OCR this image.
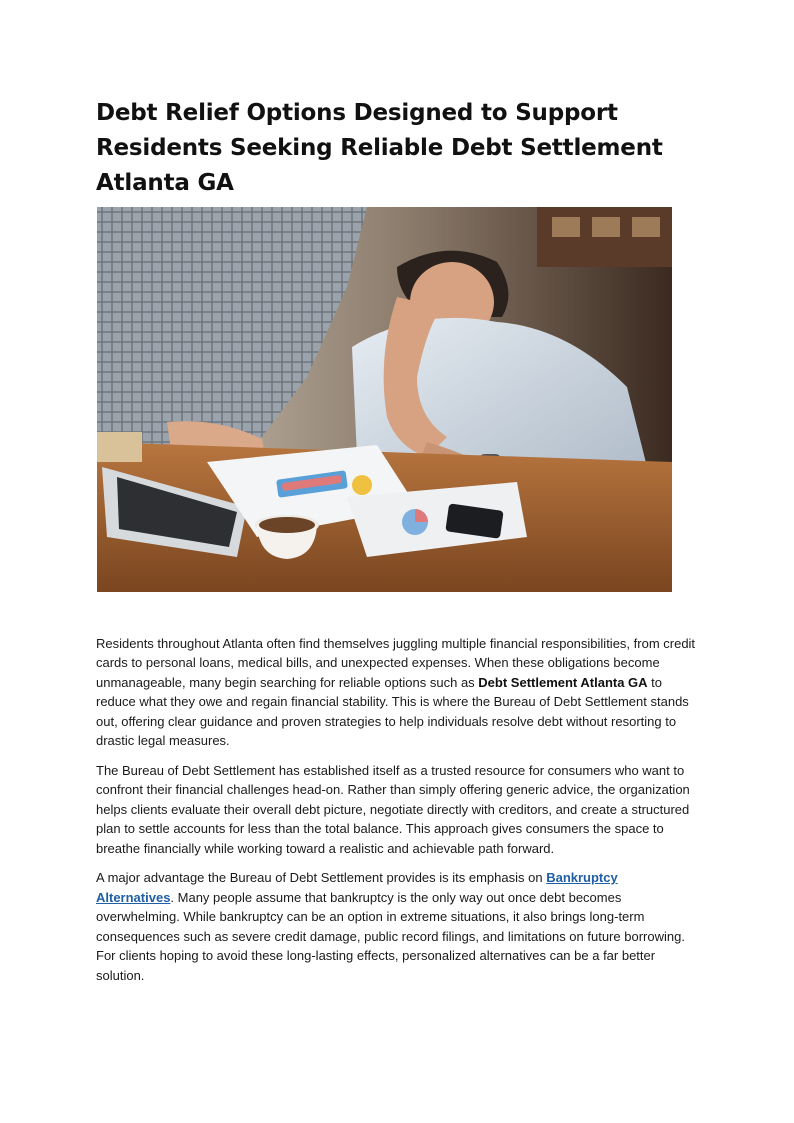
Debt Relief Options Designed to Support Residents Seeking Reliable Debt Settlement Atlanta GA

Residents throughout Atlanta often find themselves juggling multiple financial responsibilities, from credit cards to personal loans, medical bills, and unexpected expenses. When these obligations become unmanageable, many begin searching for reliable options such as Debt Settlement Atlanta GA to reduce what they owe and regain financial stability. This is where the Bureau of Debt Settlement stands out, offering clear guidance and proven strategies to help individuals resolve debt without resorting to drastic legal measures.

The Bureau of Debt Settlement has established itself as a trusted resource for consumers who want to confront their financial challenges head-on. Rather than simply offering generic advice, the organization helps clients evaluate their overall debt picture, negotiate directly with creditors, and create a structured plan to settle accounts for less than the total balance. This approach gives consumers the space to breathe financially while working toward a realistic and achievable path forward.

A major advantage the Bureau of Debt Settlement provides is its emphasis on Bankruptcy Alternatives. Many people assume that bankruptcy is the only way out once debt becomes overwhelming. While bankruptcy can be an option in extreme situations, it also brings long-term consequences such as severe credit damage, public record filings, and limitations on future borrowing. For clients hoping to avoid these long-lasting effects, personalized alternatives can be a far better solution.
